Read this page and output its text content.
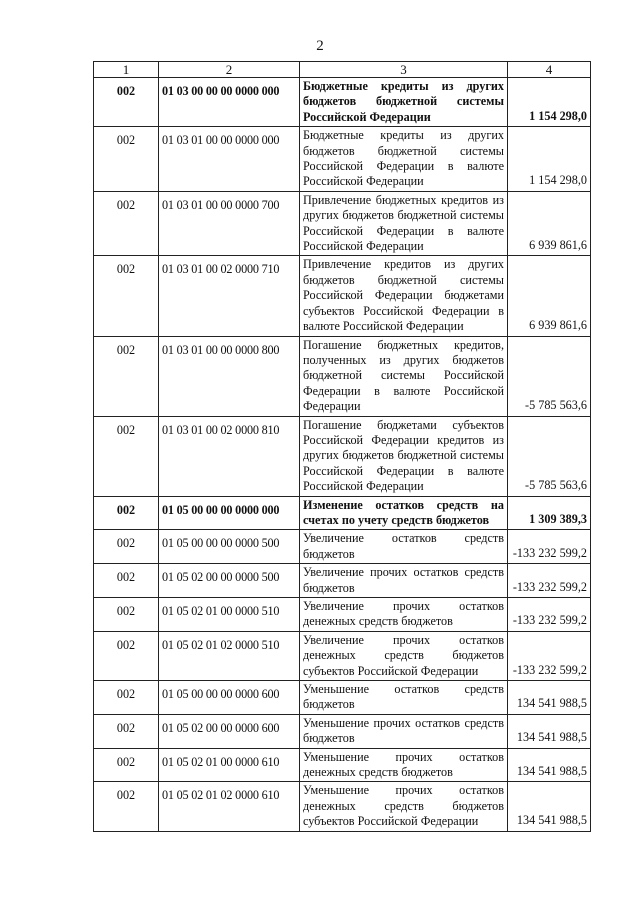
2
1	2	3	4
002	01 03 00 00 00 0000 000	Бюджетные кредиты из других бюджетов бюджетной системы Российской Федерации	1 154 298,0
002	01 03 01 00 00 0000 000	Бюджетные кредиты из других бюджетов бюджетной системы Российской Федерации в валюте Российской Федерации	1 154 298,0
002	01 03 01 00 00 0000 700	Привлечение бюджетных кредитов из других бюджетов бюджетной системы Российской Федерации в валюте Российской Федерации	6 939 861,6
002	01 03 01 00 02 0000 710	Привлечение кредитов из других бюджетов бюджетной системы Российской Федерации бюджетами субъектов Российской Федерации в валюте Российской Федерации	6 939 861,6
002	01 03 01 00 00 0000 800	Погашение бюджетных кредитов, полученных из других бюджетов бюджетной системы Российской Федерации в валюте Российской Федерации	-5 785 563,6
002	01 03 01 00 02 0000 810	Погашение бюджетами субъектов Российской Федерации кредитов из других бюджетов бюджетной системы Российской Федерации в валюте Российской Федерации	-5 785 563,6
002	01 05 00 00 00 0000 000	Изменение остатков средств на счетах по учету средств бюджетов	1 309 389,3
002	01 05 00 00 00 0000 500	Увеличение остатков средств бюджетов	-133 232 599,2
002	01 05 02 00 00 0000 500	Увеличение прочих остатков средств бюджетов	-133 232 599,2
002	01 05 02 01 00 0000 510	Увеличение прочих остатков денежных средств бюджетов	-133 232 599,2
002	01 05 02 01 02 0000 510	Увеличение прочих остатков денежных средств бюджетов субъектов Российской Федерации	-133 232 599,2
002	01 05 00 00 00 0000 600	Уменьшение остатков средств бюджетов	134 541 988,5
002	01 05 02 00 00 0000 600	Уменьшение прочих остатков средств бюджетов	134 541 988,5
002	01 05 02 01 00 0000 610	Уменьшение прочих остатков денежных средств бюджетов	134 541 988,5
002	01 05 02 01 02 0000 610	Уменьшение прочих остатков денежных средств бюджетов субъектов Российской Федерации	134 541 988,5
